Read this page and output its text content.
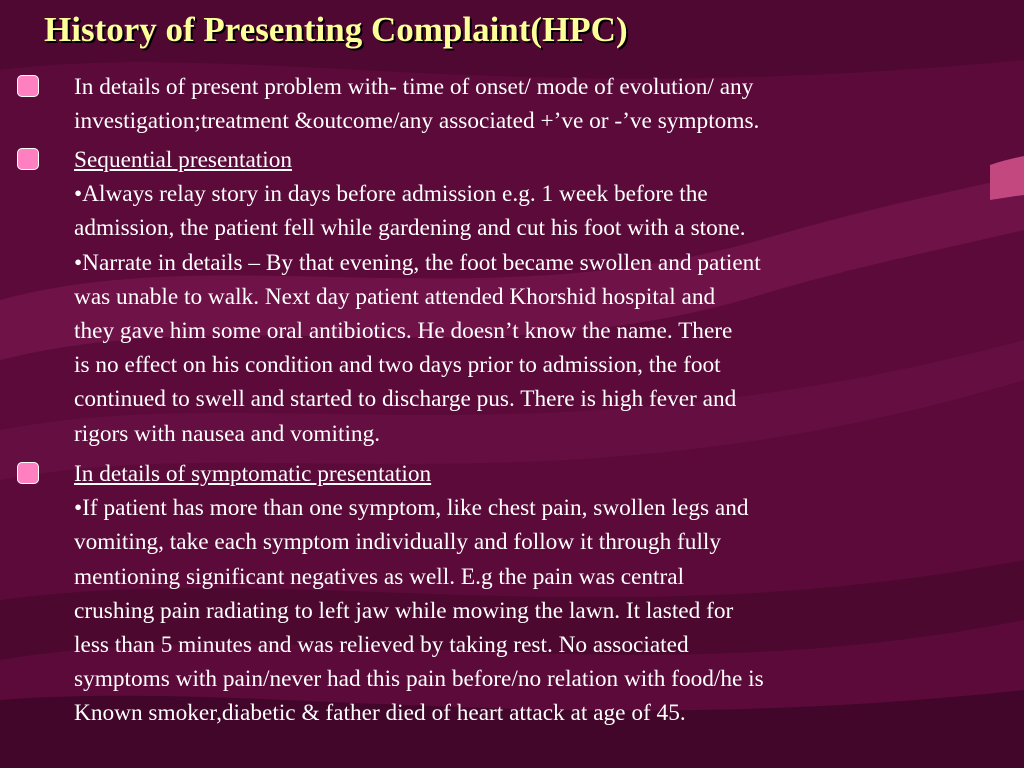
History of Presenting Complaint(HPC)
In details of present problem with- time of onset/ mode of evolution/ any
investigation;treatment &outcome/any associated +’ve or -’ve symptoms.
Sequential presentation
•Always relay story in days before admission e.g. 1 week before the
admission, the patient fell while gardening and cut his foot with a stone.
•Narrate in details – By that evening, the foot became swollen and patient
was unable to walk. Next day patient attended Khorshid hospital and
they gave him some oral antibiotics. He doesn’t know the name. There
is no effect on his condition and two days prior to admission, the foot
continued to swell and started to discharge pus. There is high fever and
rigors with nausea and vomiting.
In details of symptomatic presentation
•If patient has more than one symptom, like chest pain, swollen legs and
vomiting, take each symptom individually and follow it through fully
mentioning significant negatives as well. E.g the pain was central
crushing pain radiating to left jaw while mowing the lawn. It lasted for
less than 5 minutes and was relieved by taking rest. No associated
symptoms with pain/never had this pain before/no relation with food/he is
Known smoker,diabetic & father died of heart attack at age of 45.
